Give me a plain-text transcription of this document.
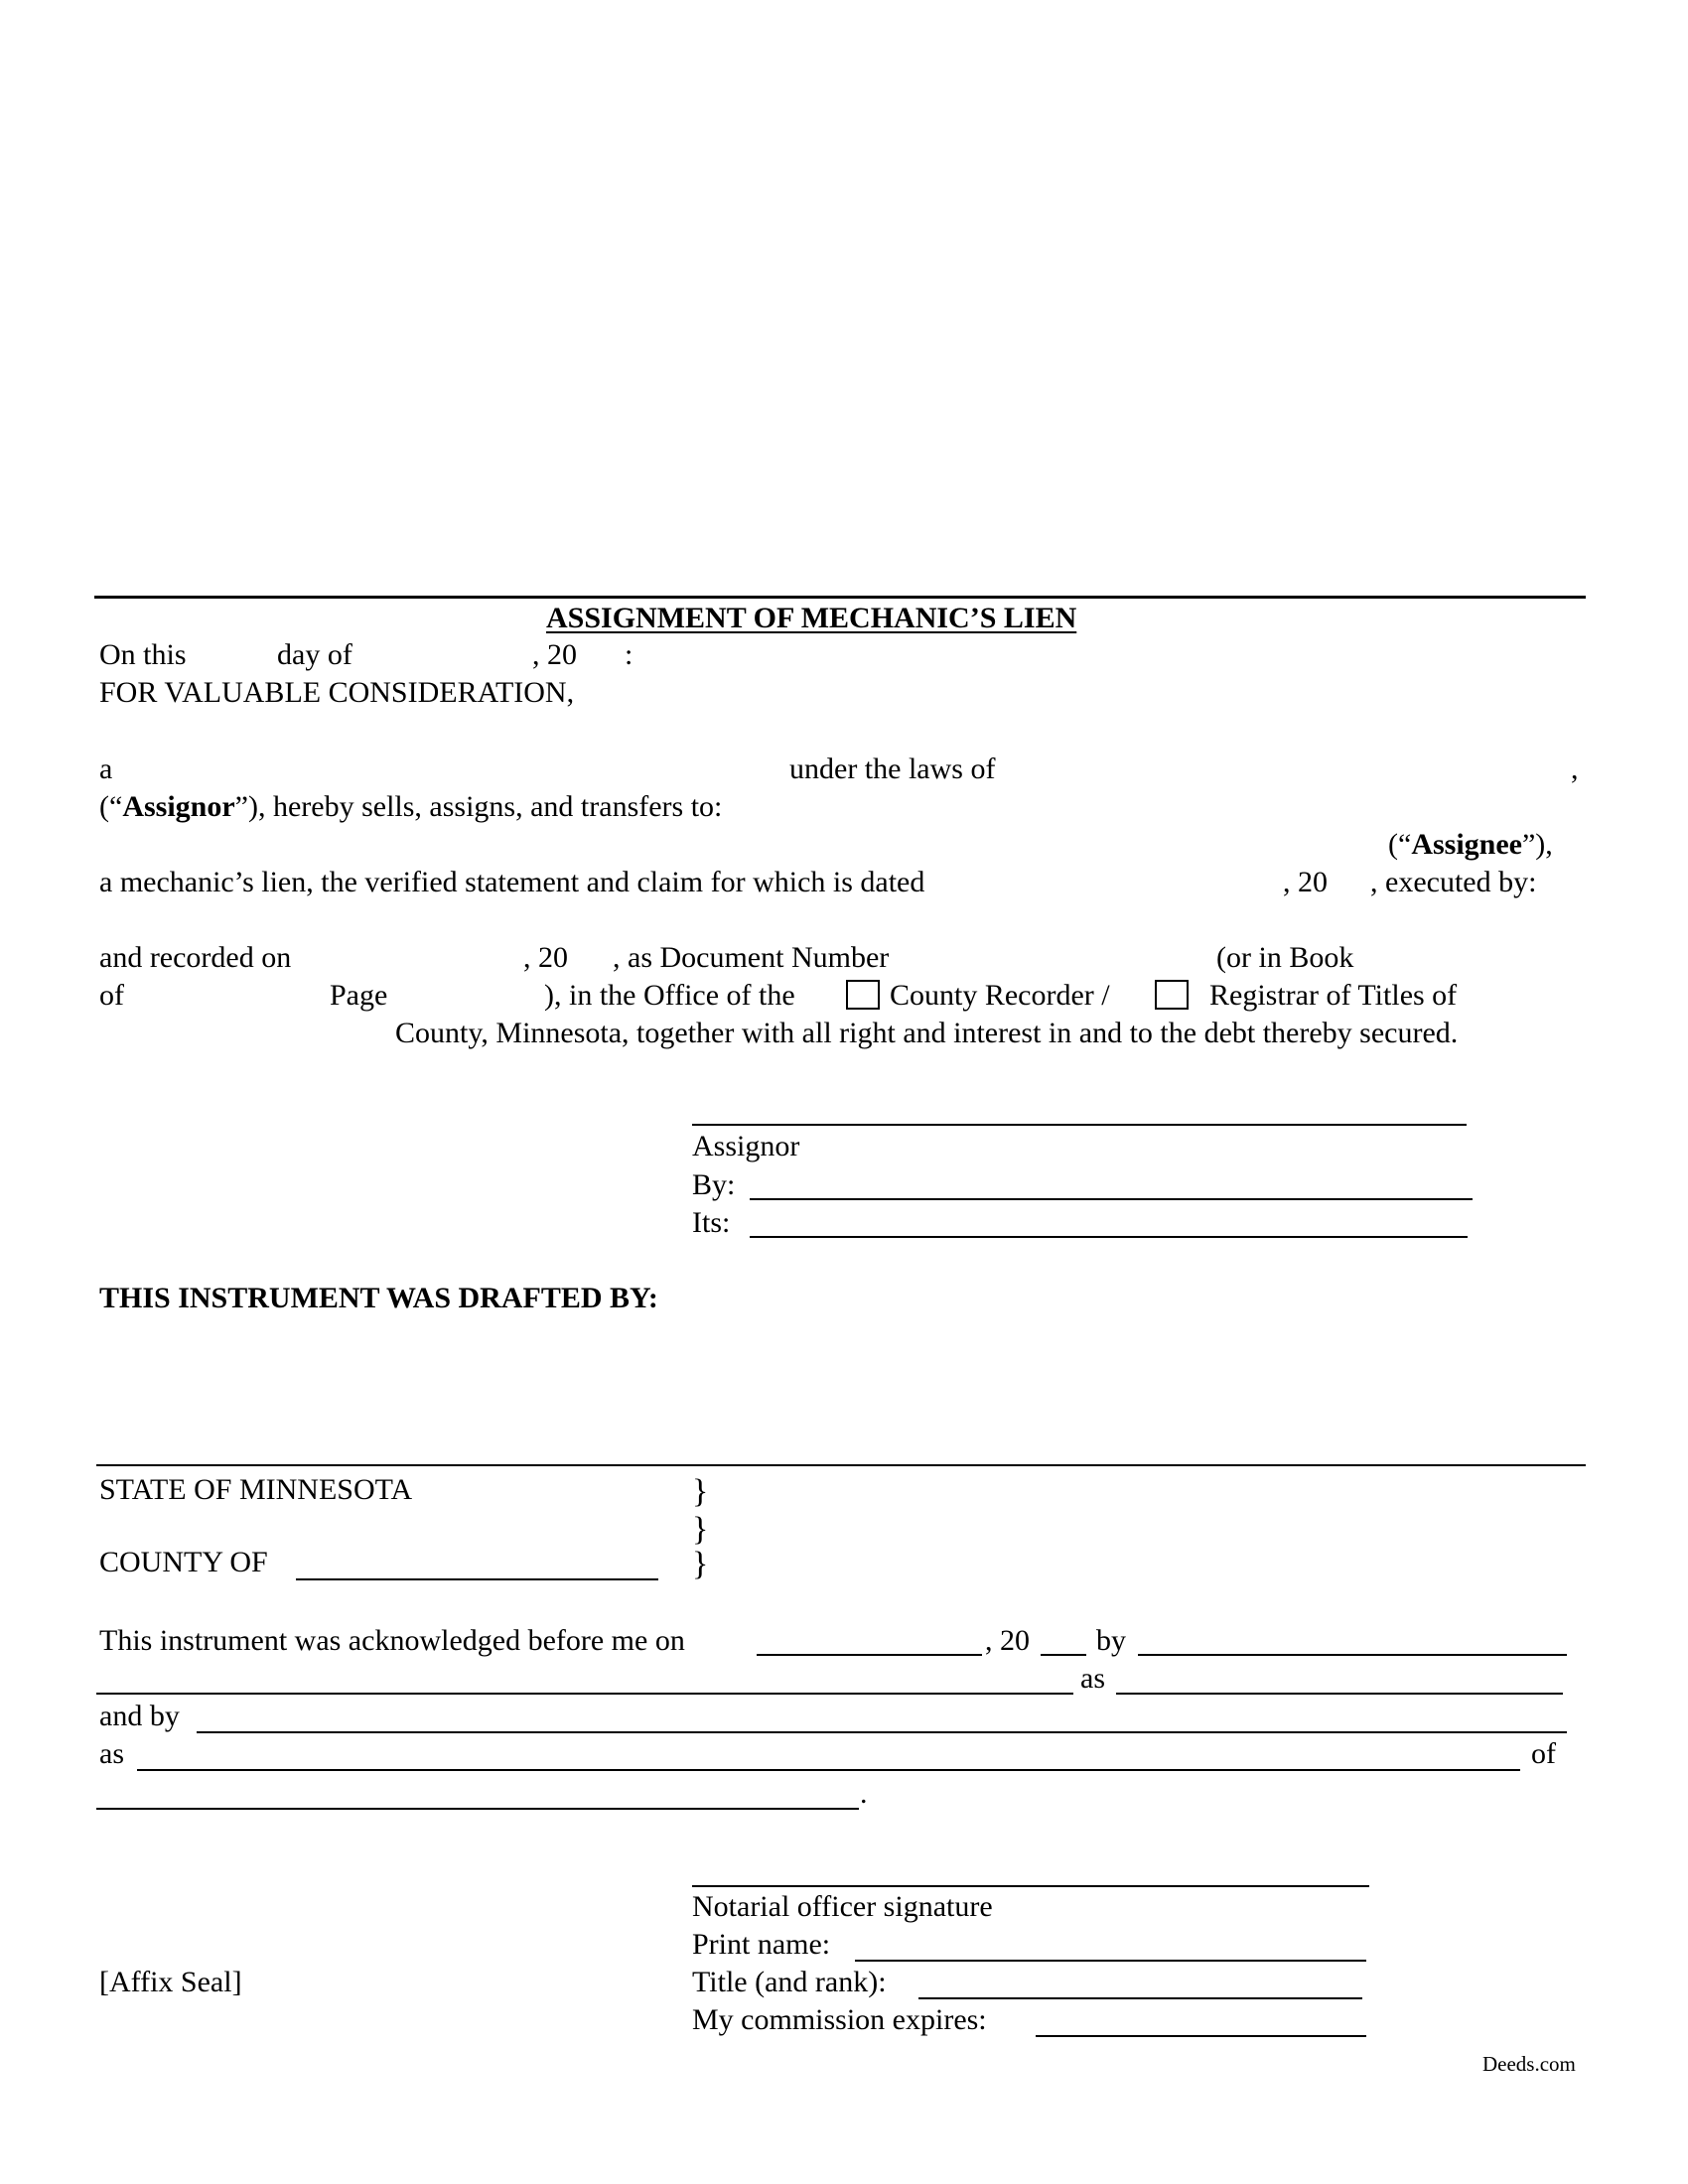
ASSIGNMENT OF MECHANIC’S LIEN
On this	day of	, 20 :
FOR VALUABLE CONSIDERATION,
a	under the laws of	,
(“Assignor”), hereby sells, assigns, and transfers to:
(“Assignee”),
a mechanic’s lien, the verified statement and claim for which is dated	, 20 , executed by:
and recorded on	, 20 , as Document Number	(or in Book
of	Page	), in the Office of the	County Recorder /	Registrar of Titles of
County, Minnesota, together with all right and interest in and to the debt thereby secured.
Assignor
By:
Its:
THIS INSTRUMENT WAS DRAFTED BY:
STATE OF MINNESOTA	}
}
COUNTY OF	}
This instrument was acknowledged before me on	, 20 by
as
and by
as	of
.
Notarial officer signature
Print name:
[Affix Seal]	Title (and rank):
My commission expires:
Deeds.com
